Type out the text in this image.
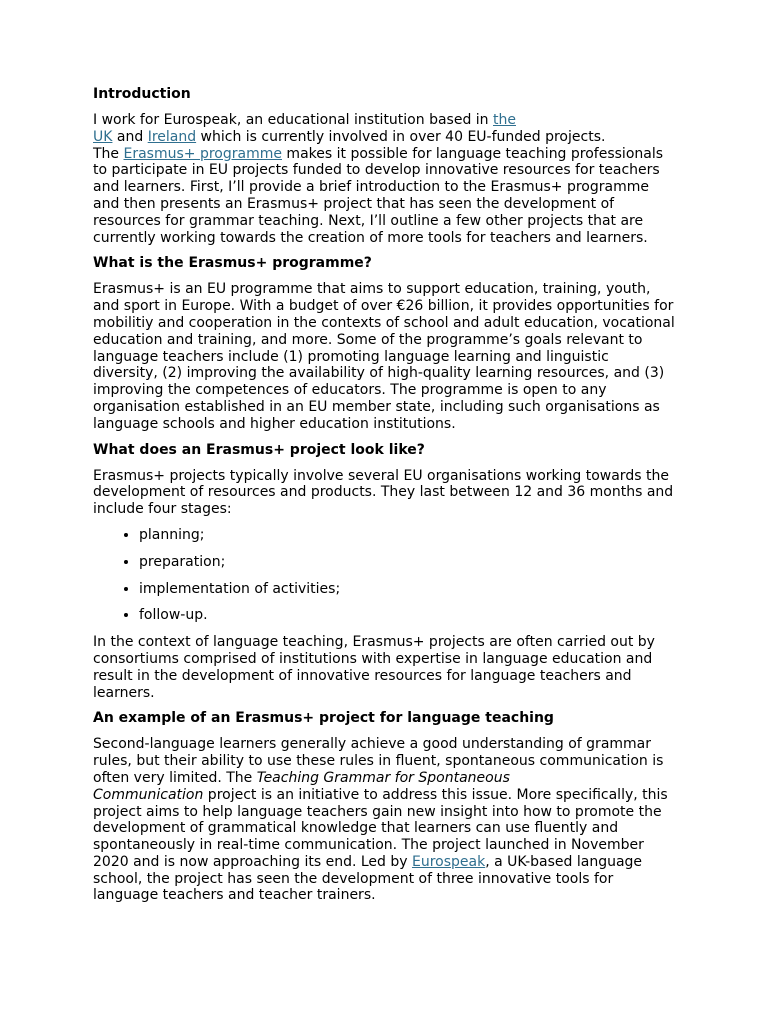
Introduction

I work for Eurospeak, an educational institution based in the
UK and Ireland which is currently involved in over 40 EU-funded projects.
The Erasmus+ programme makes it possible for language teaching professionals to participate in EU projects funded to develop innovative resources for teachers and learners. First, I’ll provide a brief introduction to the Erasmus+ programme and then presents an Erasmus+ project that has seen the development of resources for grammar teaching. Next, I’ll outline a few other projects that are currently working towards the creation of more tools for teachers and learners.

What is the Erasmus+ programme?

Erasmus+ is an EU programme that aims to support education, training, youth, and sport in Europe. With a budget of over €26 billion, it provides opportunities for mobilitiy and cooperation in the contexts of school and adult education, vocational education and training, and more. Some of the programme’s goals relevant to language teachers include (1) promoting language learning and linguistic diversity, (2) improving the availability of high-quality learning resources, and (3) improving the competences of educators. The programme is open to any organisation established in an EU member state, including such organisations as language schools and higher education institutions.

What does an Erasmus+ project look like?

Erasmus+ projects typically involve several EU organisations working towards the development of resources and products. They last between 12 and 36 months and include four stages:

• planning;
• preparation;
• implementation of activities;
• follow-up.

In the context of language teaching, Erasmus+ projects are often carried out by consortiums comprised of institutions with expertise in language education and result in the development of innovative resources for language teachers and learners.

An example of an Erasmus+ project for language teaching

Second-language learners generally achieve a good understanding of grammar rules, but their ability to use these rules in fluent, spontaneous communication is often very limited. The Teaching Grammar for Spontaneous
Communication project is an initiative to address this issue. More specifically, this project aims to help language teachers gain new insight into how to promote the development of grammatical knowledge that learners can use fluently and spontaneously in real-time communication. The project launched in November 2020 and is now approaching its end. Led by Eurospeak, a UK-based language school, the project has seen the development of three innovative tools for language teachers and teacher trainers.
